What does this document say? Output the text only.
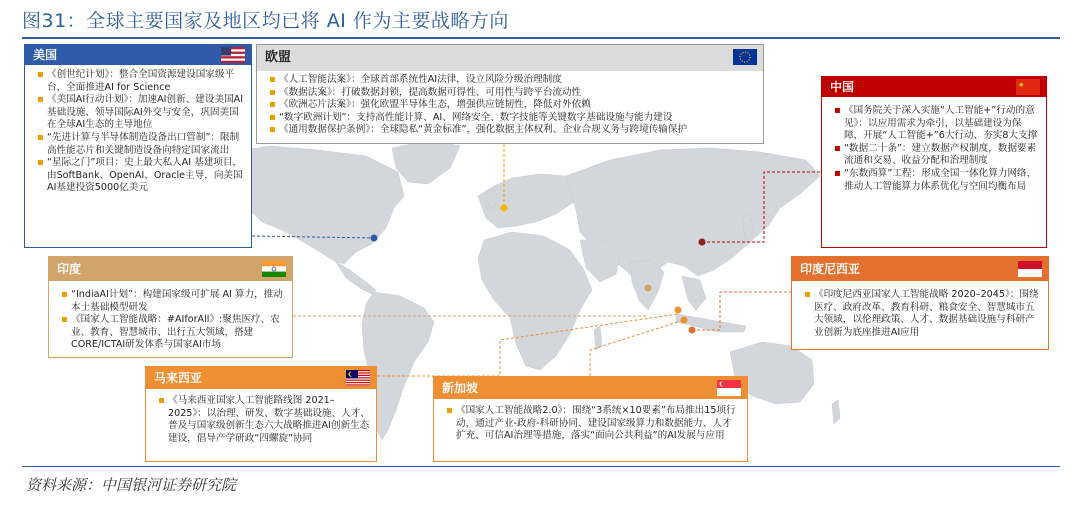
图31：全球主要国家及地区均已将 AI 作为主要战略方向
美国
▪ 《创世纪计划》：整合全国资源建设国家级平台，全面推进AI for Science
▪ 《美国AI行动计划》：加速AI创新、建设美国AI基础设施、领导国际AI外交与安全，巩固美国在全球AI生态的主导地位
▪ “先进计算与半导体制造设备出口管制”：限制高性能芯片和关键制造设备向特定国家流出
▪ “星际之门”项目：史上最大私人AI 基建项目，由SoftBank、OpenAI、Oracle主导，向美国AI基建投资5000亿美元
欧盟
▪ 《人工智能法案》：全球首部系统性AI法律，设立风险分级治理制度
▪ 《数据法案》：打破数据封锁，提高数据可得性、可用性与跨平台流动性
▪ 《欧洲芯片法案》：强化欧盟半导体生态，增强供应链韧性，降低对外依赖
▪ “数字欧洲计划”：支持高性能计算、AI、网络安全、数字技能等关键数字基础设施与能力建设
▪ 《通用数据保护条例》：全球隐私“黄金标准”，强化数据主体权利、企业合规义务与跨境传输保护
中国	★
▪ 《国务院关于深入实施“人工智能+”行动的意见》：以应用需求为牵引，以基础建设为保障，开展“人工智能+”6大行动、夯实8大支撑
▪ “数据二十条”：建立数据产权制度，数据要素流通和交易、收益分配和治理制度
▪ “东数西算”工程：形成全国一体化算力网络，推动人工智能算力体系优化与空间均衡布局
印度
▪ “IndiaAI计划”：构建国家级可扩展 AI 算力，推动本土基础模型研发
▪ 《国家人工智能战略：#AIforAll》:聚焦医疗、农业、教育、智慧城市、出行五大领域，搭建CORE/ICTAI研发体系与国家AI市场
印度尼西亚
▪ 《印度尼西亚国家人工智能战略 2020–2045》：围绕医疗、政府改革、教育科研、粮食安全、智慧城市五大领域，以伦理政策、人才、数据基础设施与科研产业创新为底座推进AI应用
马来西亚
▪ 《马来西亚国家人工智能路线图 2021–2025》：以治理、研发、数字基础设施、人才、普及与国家级创新生态六大战略推进AI创新生态建设，倡导产学研政“四螺旋”协同
新加坡
▪ 《国家人工智能战略2.0》：围绕“3系统×10要素”布局推出15项行动，通过产业-政府-科研协同、建设国家级算力和数据能力、人才扩充、可信AI治理等措施，落实“面向公共利益”的AI发展与应用
资料来源：中国银河证券研究院
